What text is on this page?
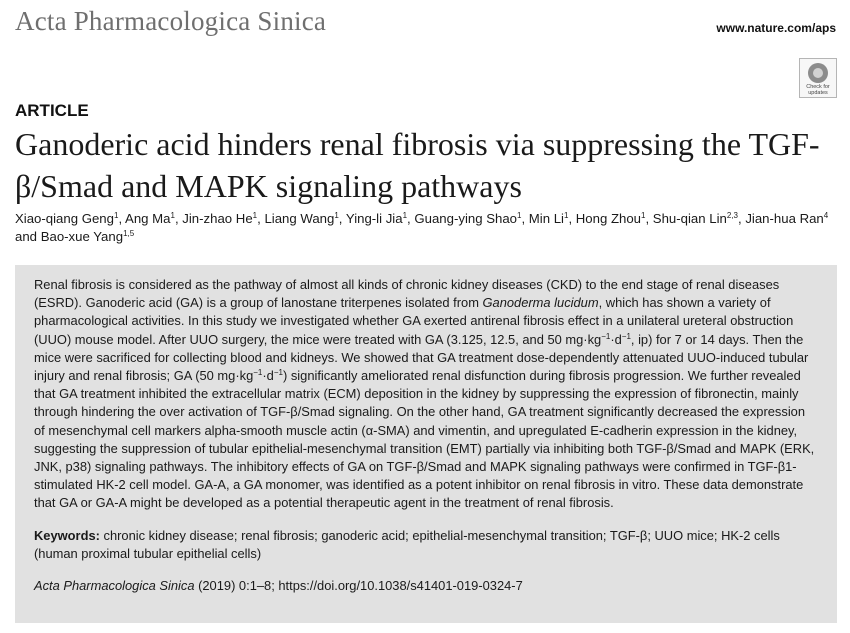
Acta Pharmacologica Sinica	www.nature.com/aps
Check for updates
ARTICLE
Ganoderic acid hinders renal fibrosis via suppressing the TGF-β/Smad and MAPK signaling pathways
Xiao-qiang Geng$^1$, Ang Ma$^1$, Jin-zhao He$^1$, Liang Wang$^1$, Ying-li Jia$^1$, Guang-ying Shao$^1$, Min Li$^1$, Hong Zhou$^1$, Shu-qian Lin$^{2,3}$, Jian-hua Ran$^4$ and Bao-xue Yang$^{1,5}$

Renal fibrosis is considered as the pathway of almost all kinds of chronic kidney diseases (CKD) to the end stage of renal diseases (ESRD). Ganoderic acid (GA) is a group of lanostane triterpenes isolated from Ganoderma lucidum, which has shown a variety of pharmacological activities. In this study we investigated whether GA exerted antirenal fibrosis effect in a unilateral ureteral obstruction (UUO) mouse model. After UUO surgery, the mice were treated with GA (3.125, 12.5, and 50 $mg\cdot kg^{-1}\cdot d^{-1}$, ip) for 7 or 14 days. Then the mice were sacrificed for collecting blood and kidneys. We showed that GA treatment dose-dependently attenuated UUO-induced tubular injury and renal fibrosis; GA (50 $mg\cdot kg^{-1}\cdot d^{-1}$) significantly ameliorated renal disfunction during fibrosis progression. We further revealed that GA treatment inhibited the extracellular matrix (ECM) deposition in the kidney by suppressing the expression of fibronectin, mainly through hindering the over activation of TGF-β/Smad signaling. On the other hand, GA treatment significantly decreased the expression of mesenchymal cell markers alpha-smooth muscle actin (α-SMA) and vimentin, and upregulated E-cadherin expression in the kidney, suggesting the suppression of tubular epithelial-mesenchymal transition (EMT) partially via inhibiting both TGF-β/Smad and MAPK (ERK, JNK, p38) signaling pathways. The inhibitory effects of GA on TGF-β/Smad and MAPK signaling pathways were confirmed in TGF-β1-stimulated HK-2 cell model. GA-A, a GA monomer, was identified as a potent inhibitor on renal fibrosis in vitro. These data demonstrate that GA or GA-A might be developed as a potential therapeutic agent in the treatment of renal fibrosis.

Keywords: chronic kidney disease; renal fibrosis; ganoderic acid; epithelial-mesenchymal transition; TGF-β; UUO mice; HK-2 cells (human proximal tubular epithelial cells)

Acta Pharmacologica Sinica (2019) 0:1–8; https://doi.org/10.1038/s41401-019-0324-7
